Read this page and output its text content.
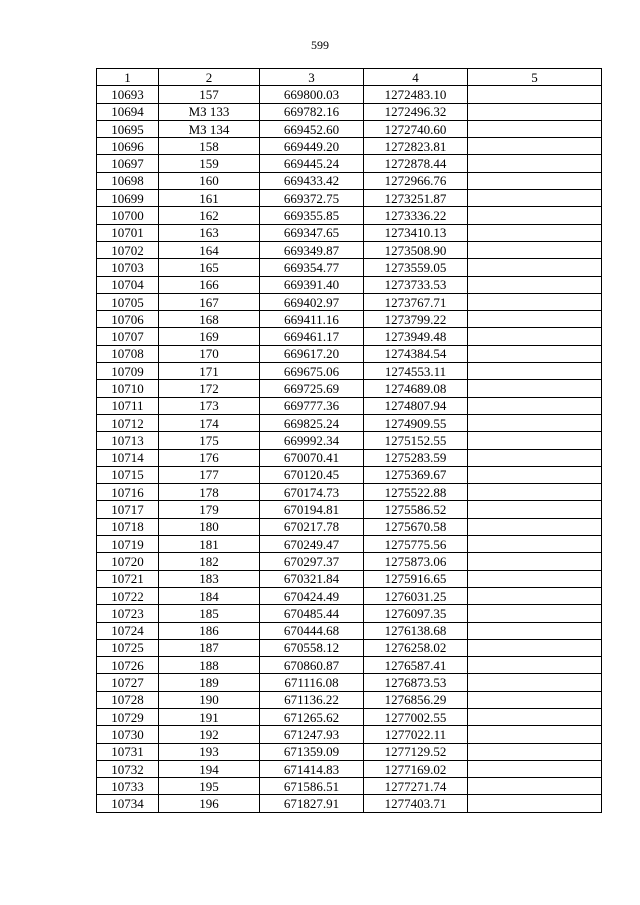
599
1	2	3	4	5
10693	157	669800.03	1272483.10	
10694	МЗ 133	669782.16	1272496.32	
10695	МЗ 134	669452.60	1272740.60	
10696	158	669449.20	1272823.81	
10697	159	669445.24	1272878.44	
10698	160	669433.42	1272966.76	
10699	161	669372.75	1273251.87	
10700	162	669355.85	1273336.22	
10701	163	669347.65	1273410.13	
10702	164	669349.87	1273508.90	
10703	165	669354.77	1273559.05	
10704	166	669391.40	1273733.53	
10705	167	669402.97	1273767.71	
10706	168	669411.16	1273799.22	
10707	169	669461.17	1273949.48	
10708	170	669617.20	1274384.54	
10709	171	669675.06	1274553.11	
10710	172	669725.69	1274689.08	
10711	173	669777.36	1274807.94	
10712	174	669825.24	1274909.55	
10713	175	669992.34	1275152.55	
10714	176	670070.41	1275283.59	
10715	177	670120.45	1275369.67	
10716	178	670174.73	1275522.88	
10717	179	670194.81	1275586.52	
10718	180	670217.78	1275670.58	
10719	181	670249.47	1275775.56	
10720	182	670297.37	1275873.06	
10721	183	670321.84	1275916.65	
10722	184	670424.49	1276031.25	
10723	185	670485.44	1276097.35	
10724	186	670444.68	1276138.68	
10725	187	670558.12	1276258.02	
10726	188	670860.87	1276587.41	
10727	189	671116.08	1276873.53	
10728	190	671136.22	1276856.29	
10729	191	671265.62	1277002.55	
10730	192	671247.93	1277022.11	
10731	193	671359.09	1277129.52	
10732	194	671414.83	1277169.02	
10733	195	671586.51	1277271.74	
10734	196	671827.91	1277403.71	
